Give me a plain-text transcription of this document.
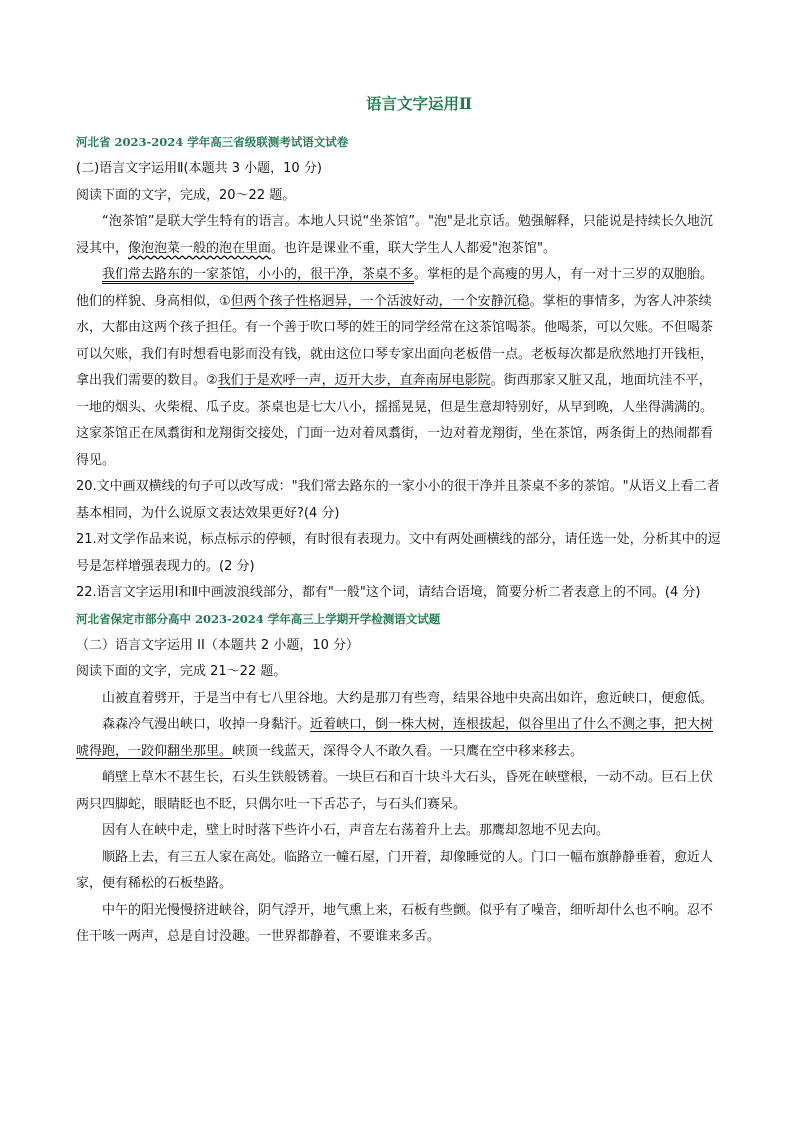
语言文字运用Ⅱ
河北省 2023-2024 学年高三省级联测考试语文试卷

(二)语言文字运用Ⅱ(本题共 3 小题，10 分)

阅读下面的文字，完成，20～22 题。

“泡茶馆”是联大学生特有的语言。本地人只说“坐茶馆”。"泡"是北京话。勉强解释，只能说是持续长久地沉浸其中，像泡泡菜一般的泡在里面。也许是课业不重，联大学生人人都爱"泡茶馆"。

我们常去路东的一家茶馆，小小的，很干净，茶桌不多。掌柜的是个高瘦的男人，有一对十三岁的双胞胎。他们的样貌、身高相似，①但两个孩子性格迥异，一个活波好动，一个安静沉稳。掌柜的事情多，为客人冲茶续水，大都由这两个孩子担任。有一个善于吹口琴的姓王的同学经常在这茶馆喝茶。他喝茶，可以欠账。不但喝茶可以欠账，我们有时想看电影而没有钱，就由这位口琴专家出面向老板借一点。老板每次都是欣然地打开钱柜，拿出我们需要的数目。②我们于是欢呼一声，迈开大步，直奔南屏电影院。街西那家又脏又乱，地面坑洼不平，一地的烟头、火柴棍、瓜子皮。茶桌也是七大八小，摇摇晃晃，但是生意却特别好，从早到晚，人坐得满满的。这家茶馆正在凤翥街和龙翔街交接处，门面一边对着凤翥街，一边对着龙翔街，坐在茶馆，两条街上的热闹都看得见。

20.文中画双横线的句子可以改写成："我们常去路东的一家小小的很干净并且茶桌不多的茶馆。"从语义上看二者基本相同，为什么说原文表达效果更好?(4 分)

21.对文学作品来说，标点标示的停顿，有时很有表现力。文中有两处画横线的部分，请任选一处，分析其中的逗号是怎样增强表现力的。(2 分)

22.语言文字运用Ⅰ和Ⅱ中画波浪线部分，都有"一般"这个词，请结合语境，简要分析二者表意上的不同。(4 分)

河北省保定市部分高中 2023-2024 学年高三上学期开学检测语文试题

（二）语言文字运用 II（本题共 2 小题，10 分）

阅读下面的文字，完成 21～22 题。

山被直着劈开，于是当中有七八里谷地。大约是那刀有些弯，结果谷地中央高出如许，愈近峡口，便愈低。

森森冷气漫出峡口，收掉一身黏汗。近着峡口，倒一株大树，连根拔起，似谷里出了什么不测之事，把大树唬得跑，一跤仰翻坐那里。峡顶一线蓝天，深得令人不敢久看。一只鹰在空中移来移去。

峭壁上草木不甚生长，石头生铁般锈着。一块巨石和百十块斗大石头，昏死在峡壁根，一动不动。巨石上伏两只四脚蛇，眼睛眨也不眨，只偶尔吐一下舌芯子，与石头们赛呆。

因有人在峡中走，壁上时时落下些许小石，声音左右荡着升上去。那鹰却忽地不见去向。

顺路上去，有三五人家在高处。临路立一幢石屋，门开着，却像睡觉的人。门口一幅布旗静静垂着，愈近人家，便有稀松的石板垫路。

中午的阳光慢慢挤进峡谷，阴气浮开，地气熏上来，石板有些颤。似乎有了噪音，细听却什么也不响。忍不住干咳一两声，总是自讨没趣。一世界都静着，不要谁来多舌。
